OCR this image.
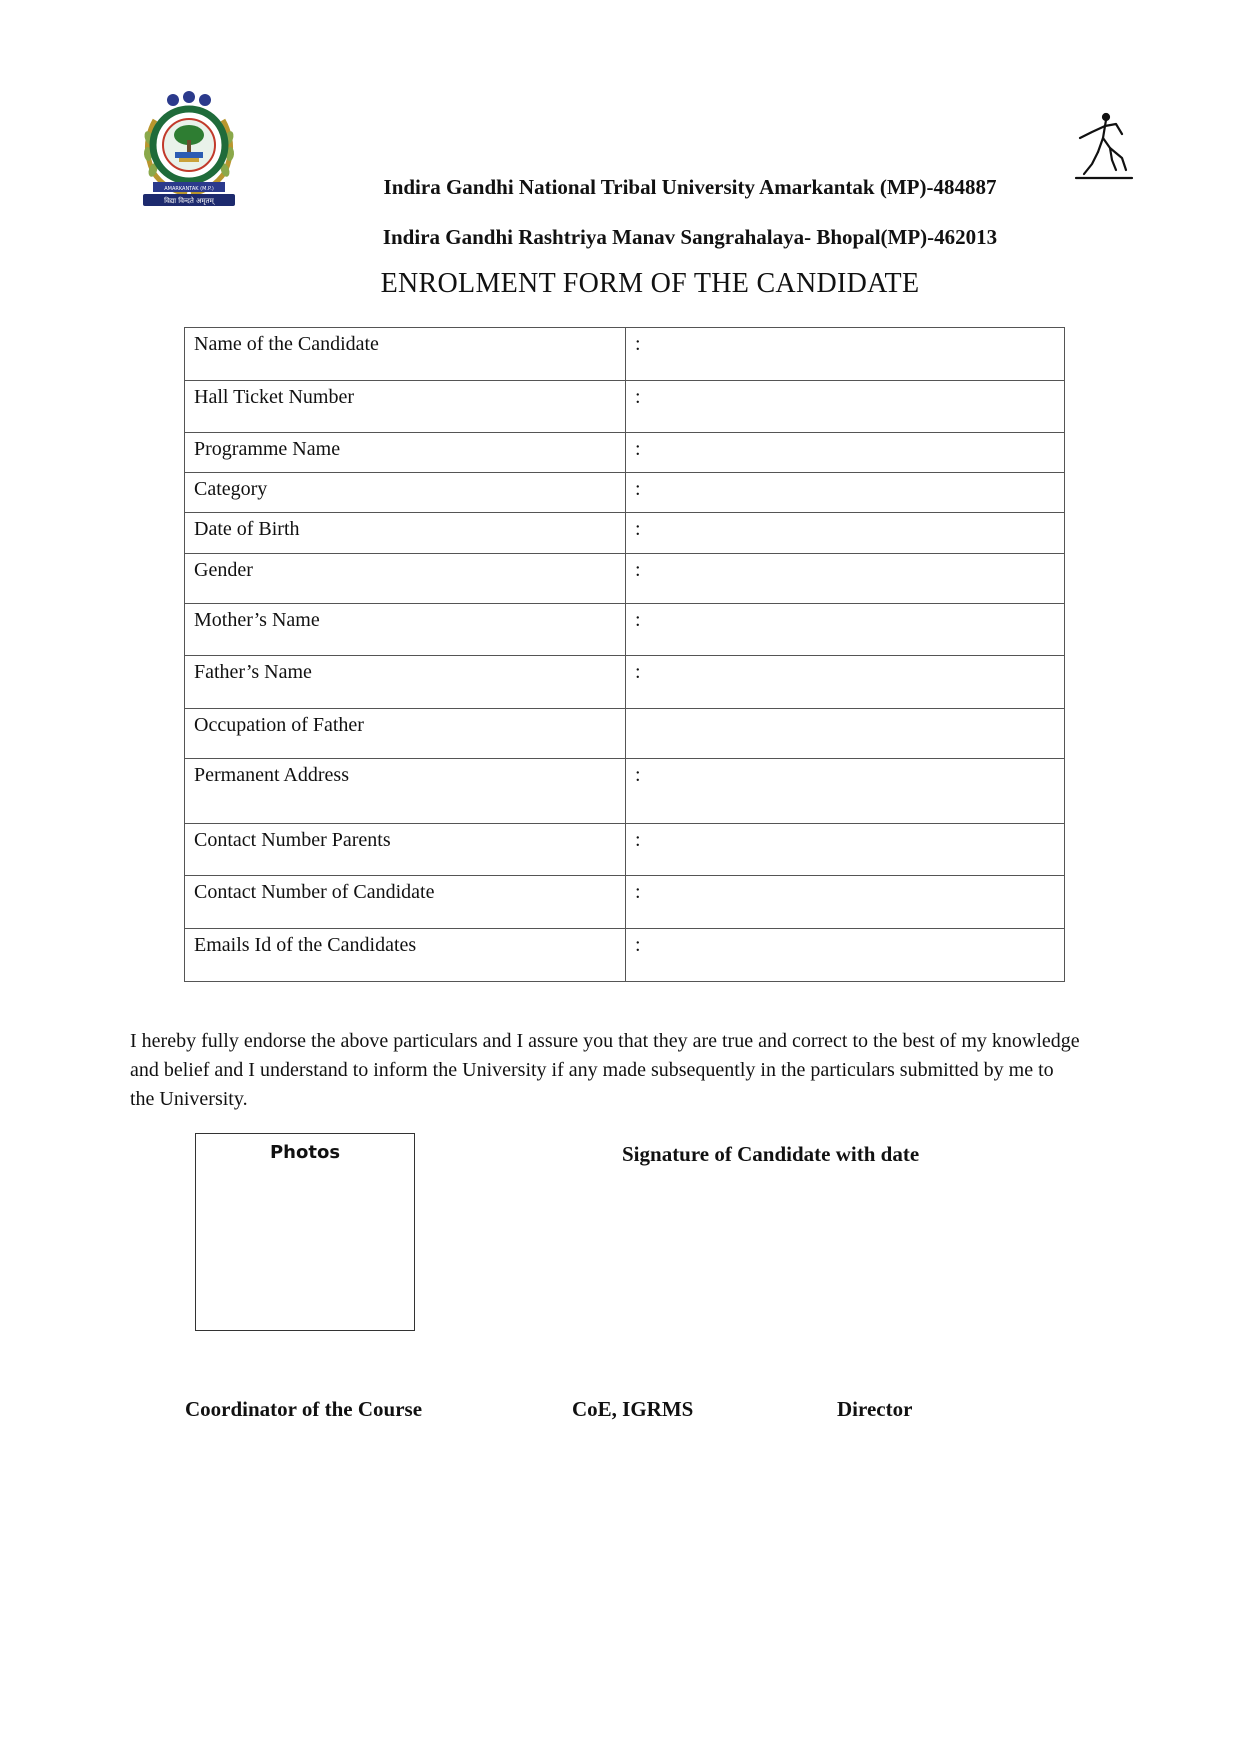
AMARKANTAK (M.P.)
विद्या विन्दते अमृतम्
Indira Gandhi National Tribal University Amarkantak (MP)-484887
Indira Gandhi Rashtriya Manav Sangrahalaya- Bhopal(MP)-462013
ENROLMENT FORM OF THE CANDIDATE
Name of the Candidate	:
Hall Ticket Number	:
Programme Name	:
Category	:
Date of Birth	:
Gender	:
Mother’s Name	:
Father’s Name	:
Occupation of Father	
Permanent Address	:
Contact Number Parents	:
Contact Number of Candidate	:
Emails Id of the Candidates	:
I hereby fully endorse the above particulars and I assure you that they are true and correct to the best of my knowledge and belief and I understand to inform the University if any made subsequently in the particulars submitted by me to the University.
Photos	Signature of Candidate with date
Coordinator of the Course	CoE, IGRMS	Director
